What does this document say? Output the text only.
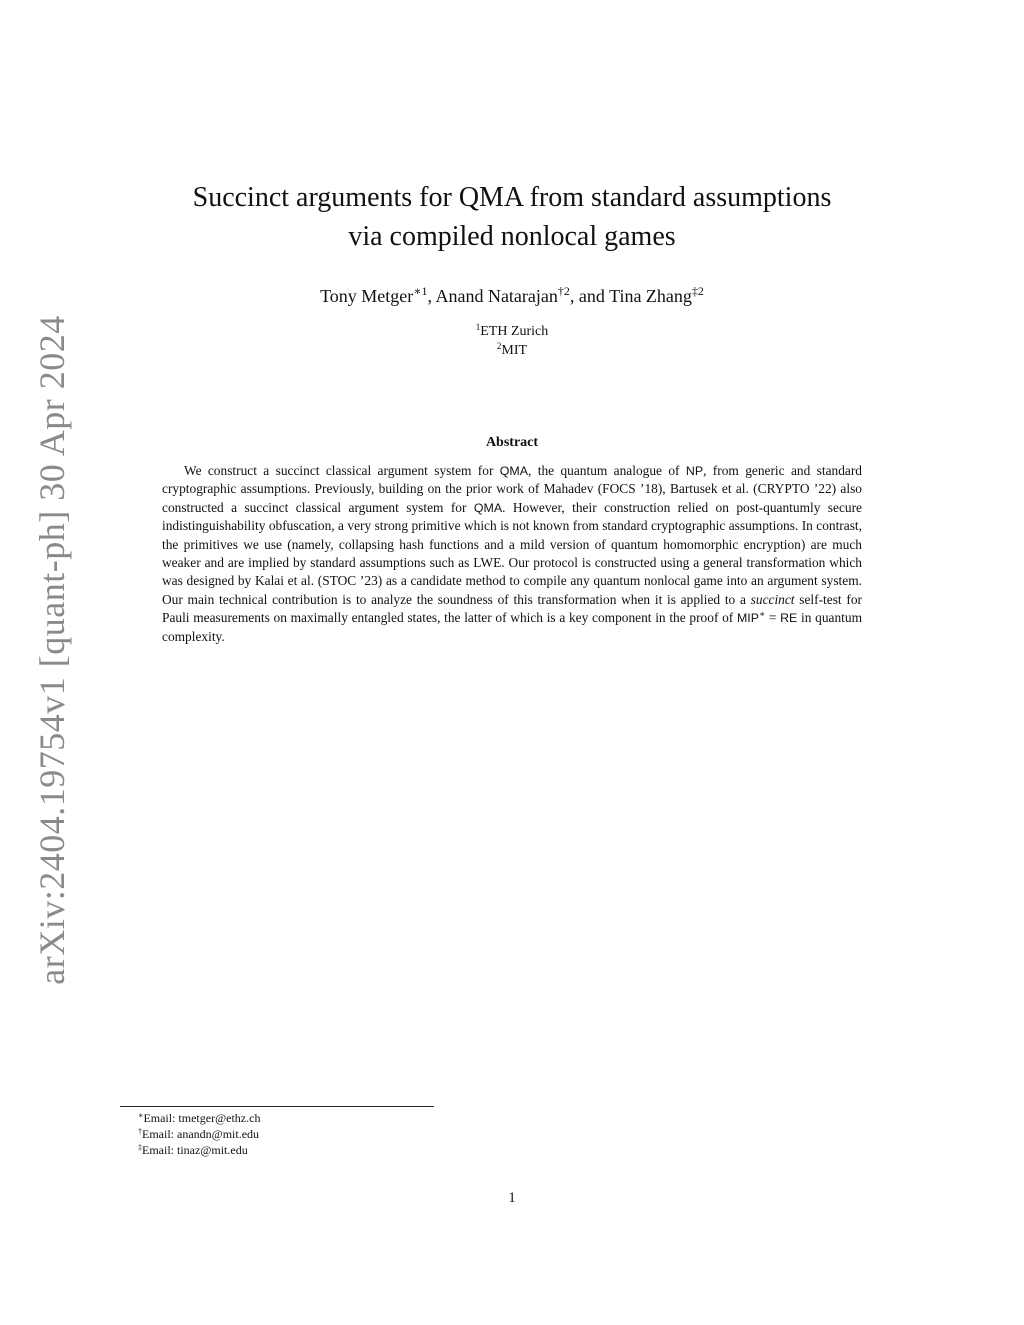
arXiv:2404.19754v1 [quant-ph] 30 Apr 2024
Succinct arguments for QMA from standard assumptions
via compiled nonlocal games
Tony Metger$^{∗1}$, Anand Natarajan$^{\dagger 2}$, and Tina Zhang$^{\ddagger 2}$
$^1$ETH Zurich
$^2$MIT
Abstract
We construct a succinct classical argument system for QMA, the quantum analogue of NP, from generic and standard cryptographic assumptions. Previously, building on the prior work of Mahadev (FOCS ’18), Bartusek et al. (CRYPTO ’22) also constructed a succinct classical argument system for QMA. However, their construction relied on post-quantumly secure indistinguishability obfuscation, a very strong primitive which is not known from standard cryptographic assumptions. In contrast, the primitives we use (namely, collapsing hash functions and a mild version of quantum homomorphic encryption) are much weaker and are implied by standard assumptions such as LWE. Our protocol is constructed using a general transformation which was designed by Kalai et al. (STOC ’23) as a candidate method to compile any quantum nonlocal game into an argument system. Our main technical contribution is to analyze the soundness of this transformation when it is applied to a succinct self-test for Pauli measurements on maximally entangled states, the latter of which is a key component in the proof of MIP∗ = RE in quantum complexity.
∗Email: tmetger@ethz.ch
†Email: anandn@mit.edu
‡Email: tinaz@mit.edu
1
